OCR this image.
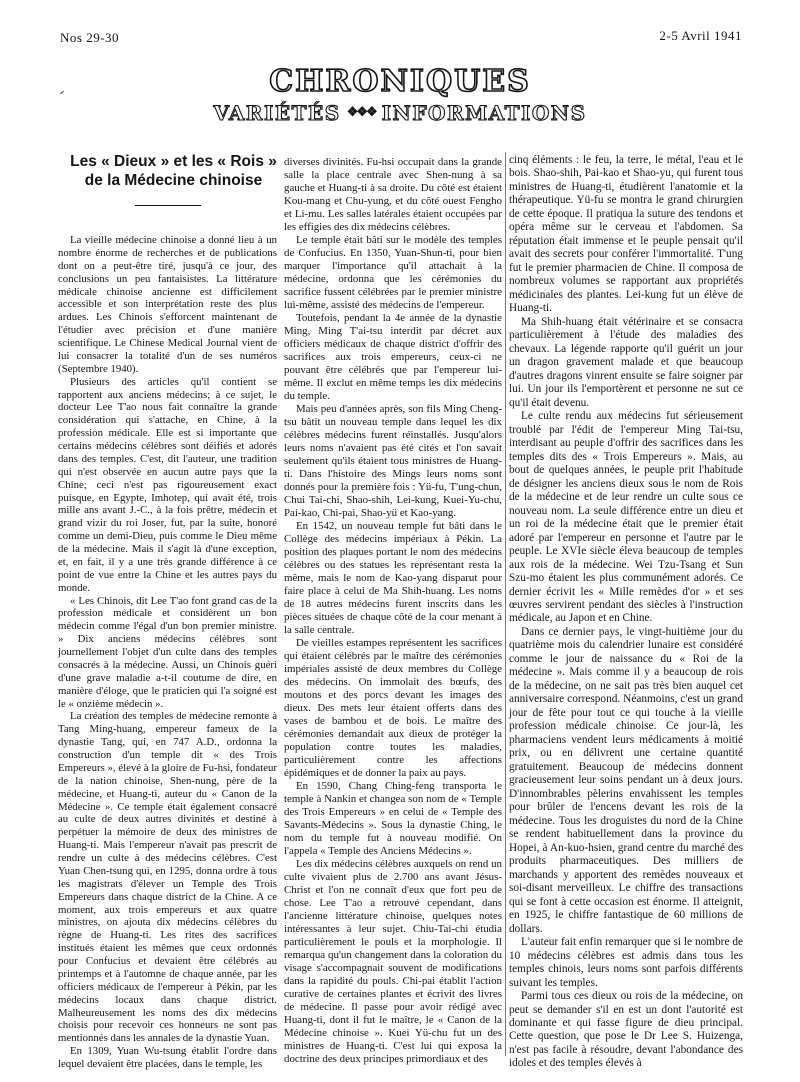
Nos 29-30	2-5 Avril 1941
CHRONIQUES
VARIÉTÉS ❖❖❖ INFORMATIONS

Les « Dieux » et les « Rois »

de la Médecine chinoise

La vieille médecine chinoise a donné lieu à un nombre énorme de recherches et de publications dont on a peut-être tiré, jusqu'à ce jour, des conclusions un peu fantaisistes. La littérature médicale chinoise ancienne est difficilement accessible et son interprétation reste des plus ardues. Les Chinois s'efforcent maintenant de l'étudier avec précision et d'une manière scientifique. Le Chinese Medical Journal vient de lui consacrer la totalité d'un de ses numéros (Septembre 1940).

Plusieurs des articles qu'il contient se rapportent aux anciens médecins; à ce sujet, le docteur Lee T'ao nous fait connaître la grande considération qui s'attache, en Chine, à la profession médicale. Elle est si importante que certains médecins célèbres sont déifiés et adorés dans des temples. C'est, dit l'auteur, une tradition qui n'est observée en aucun autre pays que la Chine; ceci n'est pas rigoureusement exact puisque, en Egypte, Imhotep, qui avait été, trois mille ans avant J.-C., à la fois prêtre, médecin et grand vizir du roi Joser, fut, par la suite, honoré comme un demi-Dieu, puis comme le Dieu même de la médecine. Mais il s'agit là d'une exception, et, en fait, il y a une très grande différence à ce point de vue entre la Chine et les autres pays du monde.

« Les Chinois, dit Lee T'ao font grand cas de la profession médicale et considèrent un bon médecin comme l'égal d'un bon premier ministre. » Dix anciens médecins célèbres sont journellement l'objet d'un culte dans des temples consacrés à la médecine. Aussi, un Chinois guéri d'une grave maladie a-t-il coutume de dire, en manière d'éloge, que le praticien qui l'a soigné est le « onzième médecin ».

La création des temples de médecine remonte à Tang Ming-huang, empereur fameux de la dynastie Tang, qui, en 747 A.D., ordonna la construction d'un temple dit « des Trois Empereurs », élevé à la gloire de Fu-hsi, fondateur de la nation chinoise, Shen-nung, père de la médecine, et Huang-ti, auteur du « Canon de la Médecine ». Ce temple était également consacré au culte de deux autres divinités et destiné à perpétuer la mémoire de deux des ministres de Huang-ti. Mais l'empereur n'avait pas prescrit de rendre un culte à des médecins célèbres. C'est Yuan Chen-tsung qui, en 1295, donna ordre à tous les magistrats d'élever un Temple des Trois Empereurs dans chaque district de la Chine. A ce moment, aux trois empereurs et aux quatre ministres, on ajouta dix médecins célèbres du règne de Huang-ti. Les rites des sacrifices institués étaient les mêmes que ceux ordonnés pour Confucius et devaient être célébrés au printemps et à l'automne de chaque année, par les officiers médicaux de l'empereur à Pékin, par les médecins locaux dans chaque district. Malheureusement les noms des dix médecins choisis pour recevoir ces honneurs ne sont pas mentionnés dans les annales de la dynastie Yuan.

En 1309, Yuan Wu-tsung établit l'ordre dans lequel devaient être placées, dans le temple, les

diverses divinités. Fu-hsi occupait dans la grande salle la place centrale avec Shen-nung à sa gauche et Huang-ti à sa droite. Du côté est étaient Kou-mang et Chu-yung, et du côté ouest Fengho et Li-mu. Les salles latérales étaient occupées par les effigies des dix médecins célèbres.

Le temple était bâti sur le modèle des temples de Confucius. En 1350, Yuan-Shun-ti, pour bien marquer l'importance qu'il attachait à la médecine, ordonna que les cérémonies du sacrifice fussent célébrées par le premier ministre lui-même, assisté des médecins de l'empereur.

Toutefois, pendant la 4e année de la dynastie Ming, Ming T'ai-tsu interdit par décret aux officiers médicaux de chaque district d'offrir des sacrifices aux trois empereurs, ceux-ci ne pouvant être célébrés que par l'empereur lui-même. Il exclut en même temps les dix médecins du temple.

Mais peu d'années après, son fils Ming Cheng-tsu bâtit un nouveau temple dans lequel les dix célèbres médecins furent réinstallés. Jusqu'alors leurs noms n'avaient pas été cités et l'on savait seulement qu'ils étaient tous ministres de Huang-ti. Dans l'histoire des Mings leurs noms sont donnés pour la première fois : Yü-fu, T'ung-chun, Chui Tai-chi, Shao-shih, Lei-kung, Kuei-Yu-chu, Pai-kao, Chi-pai, Shao-yü et Kao-yang.

En 1542, un nouveau temple fut bâti dans le Collège des médecins impériaux à Pékin. La position des plaques portant le nom des médecins célèbres ou des statues les représentant resta la même, mais le nom de Kao-yang disparut pour faire place à celui de Ma Shih-huang. Les noms de 18 autres médecins furent inscrits dans les pièces situées de chaque côté de la cour menant à la salle centrale.

De vieilles estampes représentent les sacrifices qui étaient célébrés par le maître des cérémonies impériales assisté de deux membres du Collège des médecins. On immolait des bœufs, des moutons et des porcs devant les images des dieux. Des mets leur étaient offerts dans des vases de bambou et de bois. Le maître des cérémonies demandait aux dieux de protéger la population contre toutes les maladies, particulièrement contre les affections épidémiques et de donner la paix au pays.

En 1590, Chang Ching-feng transporta le temple à Nankin et changea son nom de « Temple des Trois Empereurs » en celui de « Temple des Savants-Médecins ». Sous la dynastie Ching, le nom du temple fut à nouveau modifié. On l'appela « Temple des Anciens Médecins ».

Les dix médecins célèbres auxquels on rend un culte vivaient plus de 2.700 ans avant Jésus-Christ et l'on ne connaît d'eux que fort peu de chose. Lee T'ao a retrouvé cependant, dans l'ancienne littérature chinoise, quelques notes intéressantes à leur sujet. Chiu-Tai-chi étudia particulièrement le pouls et la morphologie. Il remarqua qu'un changement dans la coloration du visage s'accompagnait souvent de modifications dans la rapidité du pouls. Chi-pai établit l'action curative de certaines plantes et écrivit des livres de médecine. Il passe pour avoir rédigé avec Huang-ti, dont il fut le maître, le « Canon de la Médecine chinoise ». Kuei Yü-chu fut un des ministres de Huang-ti. C'est lui qui exposa la doctrine des deux principes primordiaux et des

cinq éléments : le feu, la terre, le métal, l'eau et le bois. Shao-shih, Pai-kao et Shao-yu, qui furent tous ministres de Huang-ti, étudièrent l'anatomie et la thérapeutique. Yü-fu se montra le grand chirurgien de cette époque. Il pratiqua la suture des tendons et opéra même sur le cerveau et l'abdomen. Sa réputation était immense et le peuple pensait qu'il avait des secrets pour conférer l'immortalité. T'ung fut le premier pharmacien de Chine. Il composa de nombreux volumes se rapportant aux propriétés médicinales des plantes. Lei-kung fut un élève de Huang-ti.

Ma Shih-huang était vétérinaire et se consacra particulièrement à l'étude des maladies des chevaux. La légende rapporte qu'il guérit un jour un dragon gravement malade et que beaucoup d'autres dragons vinrent ensuite se faire soigner par lui. Un jour ils l'emportèrent et personne ne sut ce qu'il était devenu.

Le culte rendu aux médecins fut sérieusement troublé par l'édit de l'empereur Ming Tai-tsu, interdisant au peuple d'offrir des sacrifices dans les temples dits des « Trois Empereurs ». Mais, au bout de quelques années, le peuple prit l'habitude de désigner les anciens dieux sous le nom de Rois de la médecine et de leur rendre un culte sous ce nouveau nom. La seule différence entre un dieu et un roi de la médecine était que le premier était adoré par l'empereur en personne et l'autre par le peuple. Le XVIe siècle éleva beaucoup de temples aux rois de la médecine. Wei Tzu-Tsang et Sun Szu-mo étaient les plus communément adorés. Ce dernier écrivit les « Mille remèdes d'or » et ses œuvres servirent pendant des siècles à l'instruction médicale, au Japon et en Chine.

Dans ce dernier pays, le vingt-huitième jour du quatrième mois du calendrier lunaire est considéré comme le jour de naissance du « Roi de la médecine ». Mais comme il y a beaucoup de rois de la médecine, on ne sait pas très bien auquel cet anniversaire correspond. Néanmoins, c'est un grand jour de fête pour tout ce qui touche à la vieille profession médicale chinoise. Ce jour-là, les pharmaciens vendent leurs médicaments à moitié prix, ou en délivrent une certaine quantité gratuitement. Beaucoup de médecins donnent gracieusement leur soins pendant un à deux jours. D'innombrables pèlerins envahissent les temples pour brûler de l'encens devant les rois de la médecine. Tous les droguistes du nord de la Chine se rendent habituellement dans la province du Hopei, à An-kuo-hsien, grand centre du marché des produits pharmaceutiques. Des milliers de marchands y apportent des remèdes nouveaux et soi-disant merveilleux. Le chiffre des transactions qui se font à cette occasion est énorme. Il atteignit, en 1925, le chiffre fantastique de 60 millions de dollars.

L'auteur fait enfin remarquer que si le nombre de 10 médecins célèbres est admis dans tous les temples chinois, leurs noms sont parfois différents suivant les temples.

Parmi tous ces dieux ou rois de la médecine, on peut se demander s'il en est un dont l'autorité est dominante et qui fasse figure de dieu principal. Cette question, que pose le Dr Lee S. Huizenga, n'est pas facile à résoudre, devant l'abondance des idoles et des temples élevés à
